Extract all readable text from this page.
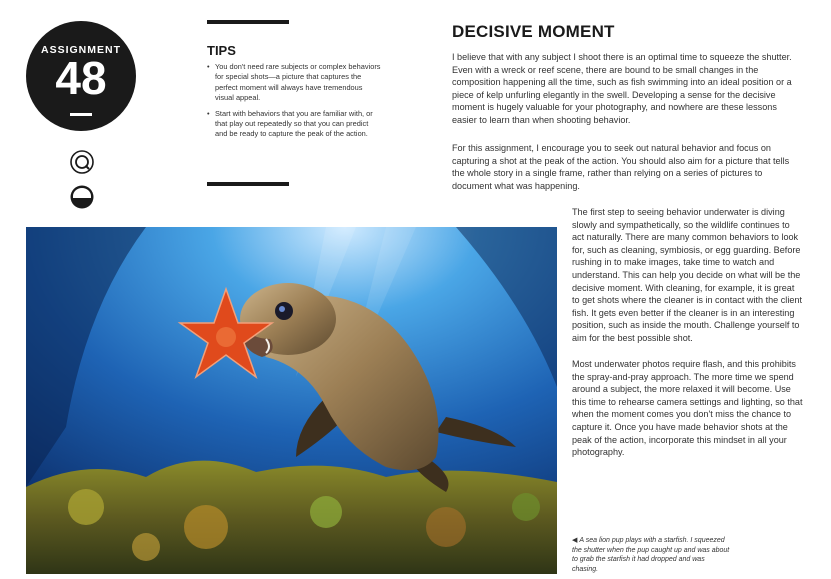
ASSIGNMENT
48
TIPS
• You don't need rare subjects or complex behaviors for special shots—a picture that captures the perfect moment will always have tremendous visual appeal.
• Start with behaviors that you are familiar with, or that play out repeatedly so that you can predict and be ready to capture the peak of the action.
DECISIVE MOMENT

I believe that with any subject I shoot there is an optimal time to squeeze the shutter. Even with a wreck or reef scene, there are bound to be small changes in the composition happening all the time, such as fish swimming into an ideal position or a piece of kelp unfurling elegantly in the swell. Developing a sense for the decisive moment is hugely valuable for your photography, and nowhere are these lessons easier to learn than when shooting behavior.

For this assignment, I encourage you to seek out natural behavior and focus on capturing a shot at the peak of the action. You should also aim for a picture that tells the whole story in a single frame, rather than relying on a series of pictures to document what was happening.

The first step to seeing behavior underwater is diving slowly and sympathetically, so the wildlife continues to act naturally. There are many common behaviors to look for, such as cleaning, symbiosis, or egg guarding. Before rushing in to make images, take time to watch and understand. This can help you decide on what will be the decisive moment. With cleaning, for example, it is great to get shots where the cleaner is in contact with the client fish. It gets even better if the cleaner is in an interesting position, such as inside the mouth. Challenge yourself to aim for the best possible shot.

Most underwater photos require flash, and this prohibits the spray-and-pray approach. The more time we spend around a subject, the more relaxed it will become. Use this time to rehearse camera settings and lighting, so that when the moment comes you don't miss the chance to capture it. Once you have made behavior shots at the peak of the action, incorporate this mindset in all your photography.

◀ A sea lion pup plays with a starfish. I squeezed the shutter when the pup caught up and was about to grab the starfish it had dropped and was chasing.
